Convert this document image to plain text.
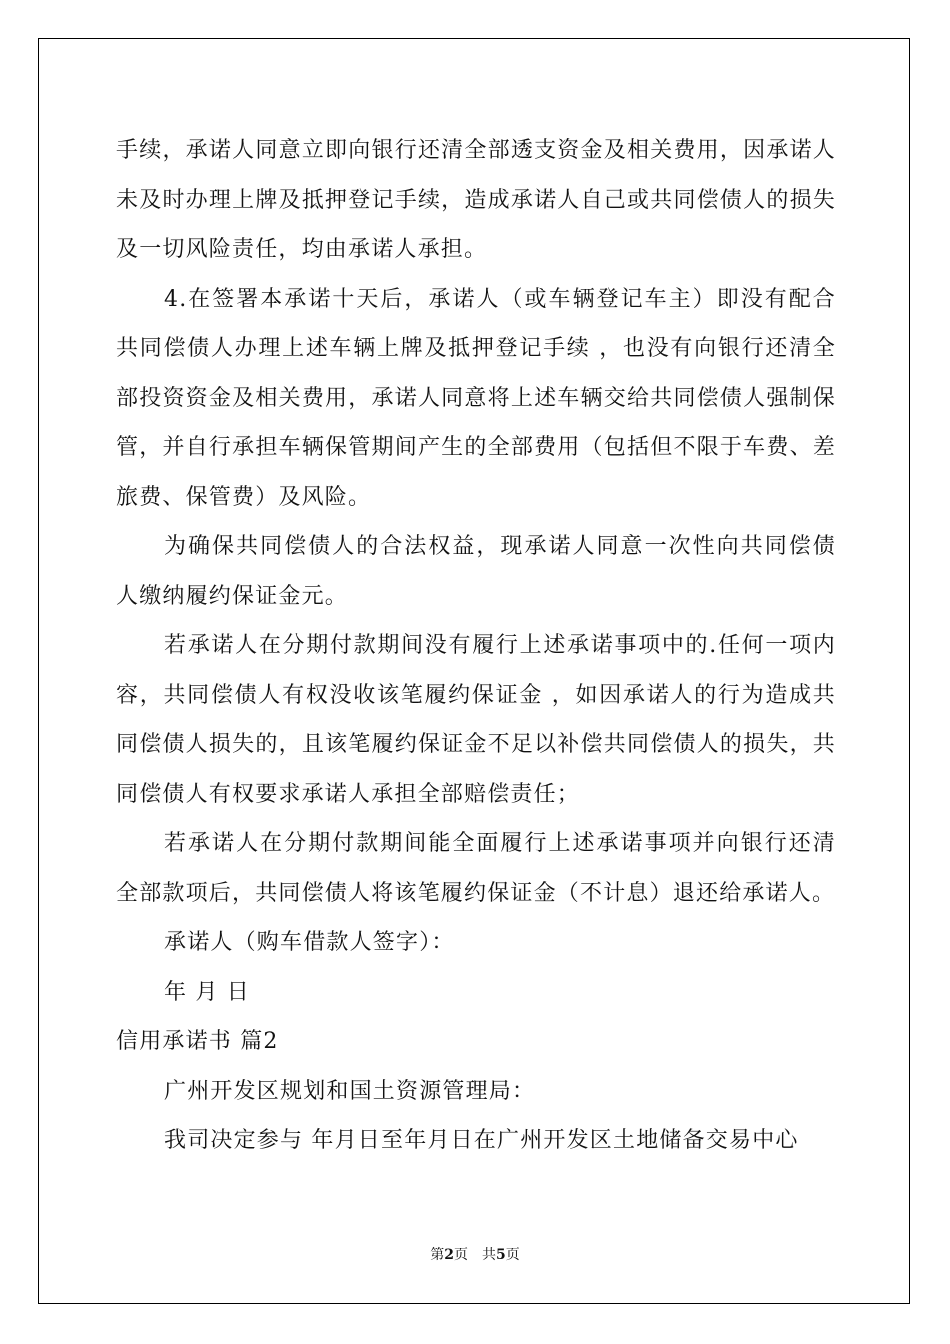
手续，承诺人同意立即向银行还清全部透支资金及相关费用，因承诺人未及时办理上牌及抵押登记手续，造成承诺人自己或共同偿债人的损失及一切风险责任，均由承诺人承担。

4.在签署本承诺十天后，承诺人（或车辆登记车主）即没有配合共同偿债人办理上述车辆上牌及抵押登记手续 ，也没有向银行还清全部投资资金及相关费用，承诺人同意将上述车辆交给共同偿债人强制保管，并自行承担车辆保管期间产生的全部费用（包括但不限于车费、差旅费、保管费）及风险。

为确保共同偿债人的合法权益，现承诺人同意一次性向共同偿债人缴纳履约保证金元。

若承诺人在分期付款期间没有履行上述承诺事项中的.任何一项内容，共同偿债人有权没收该笔履约保证金 ，如因承诺人的行为造成共同偿债人损失的，且该笔履约保证金不足以补偿共同偿债人的损失，共同偿债人有权要求承诺人承担全部赔偿责任；

若承诺人在分期付款期间能全面履行上述承诺事项并向银行还清全部款项后，共同偿债人将该笔履约保证金（不计息）退还给承诺人。

承诺人（购车借款人签字）：

年 月 日

信用承诺书 篇2

广州开发区规划和国土资源管理局：

我司决定参与 年月日至年月日在广州开发区土地储备交易中心

第2页　共5页
